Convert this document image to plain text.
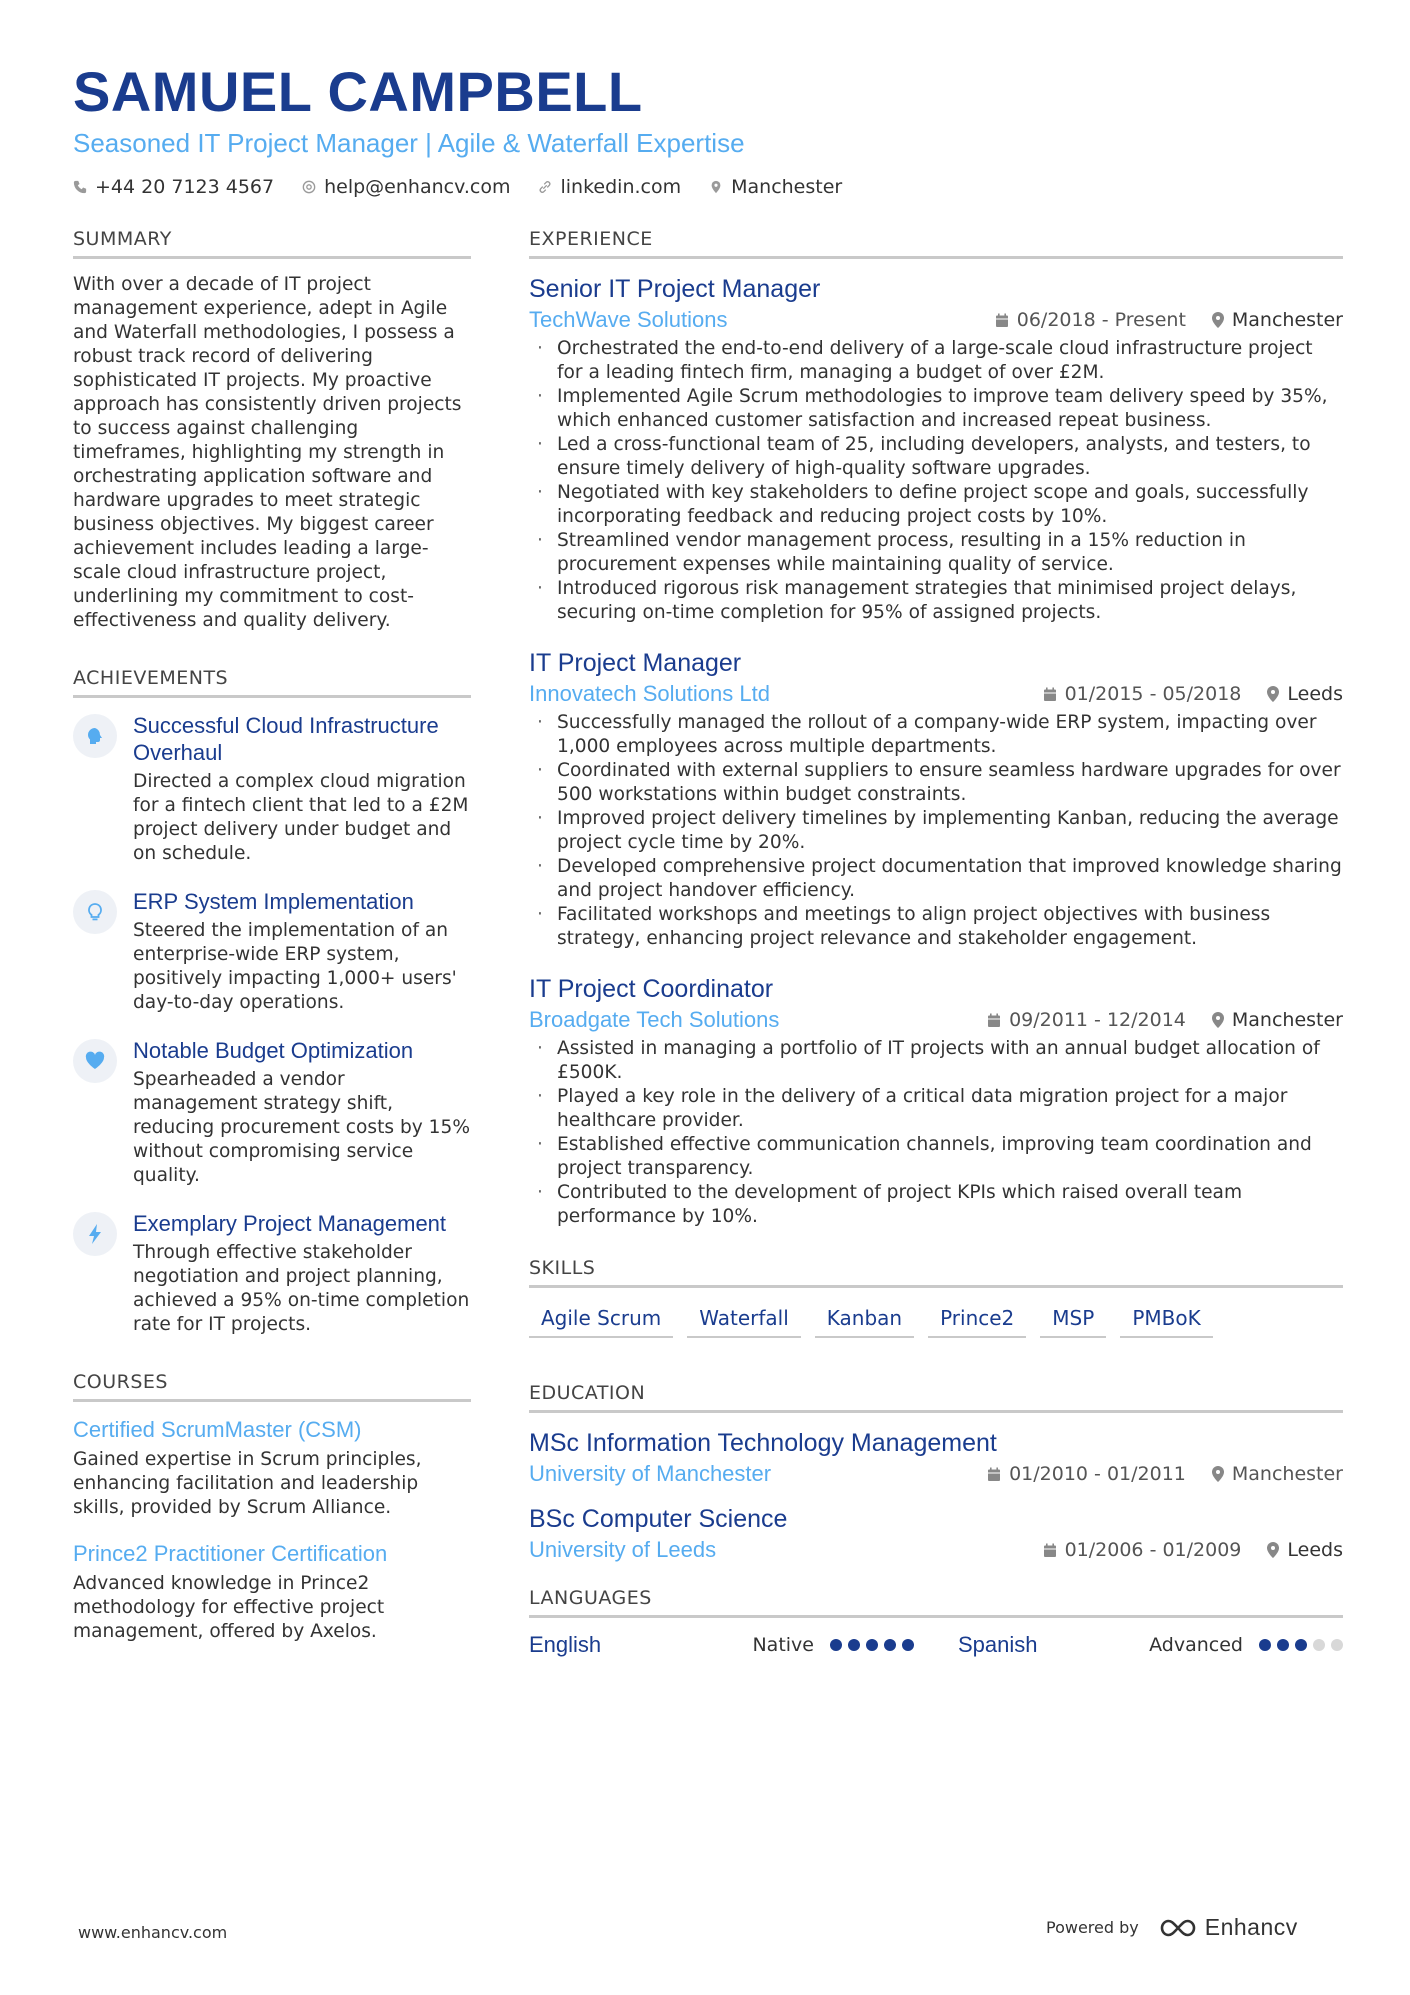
SAMUEL CAMPBELL
Seasoned IT Project Manager | Agile & Waterfall Expertise
+44 20 7123 4567	help@enhancv.com	linkedin.com	Manchester
SUMMARY
With over a decade of IT project management experience, adept in Agile and Waterfall methodologies, I possess a robust track record of delivering sophisticated IT projects. My proactive approach has consistently driven projects to success against challenging timeframes, highlighting my strength in orchestrating application software and hardware upgrades to meet strategic business objectives. My biggest career achievement includes leading a large-scale cloud infrastructure project, underlining my commitment to cost-effectiveness and quality delivery.
ACHIEVEMENTS
Successful Cloud Infrastructure Overhaul
Directed a complex cloud migration for a fintech client that led to a £2M project delivery under budget and on schedule.
ERP System Implementation
Steered the implementation of an enterprise-wide ERP system, positively impacting 1,000+ users' day-to-day operations.
Notable Budget Optimization
Spearheaded a vendor management strategy shift, reducing procurement costs by 15% without compromising service quality.
Exemplary Project Management
Through effective stakeholder negotiation and project planning, achieved a 95% on-time completion rate for IT projects.
COURSES
Certified ScrumMaster (CSM)
Gained expertise in Scrum principles, enhancing facilitation and leadership skills, provided by Scrum Alliance.
Prince2 Practitioner Certification
Advanced knowledge in Prince2 methodology for effective project management, offered by Axelos.
EXPERIENCE
Senior IT Project Manager
TechWave Solutions	06/2018 - Present Manchester
· Orchestrated the end-to-end delivery of a large-scale cloud infrastructure project for a leading fintech firm, managing a budget of over £2M.
· Implemented Agile Scrum methodologies to improve team delivery speed by 35%, which enhanced customer satisfaction and increased repeat business.
· Led a cross-functional team of 25, including developers, analysts, and testers, to ensure timely delivery of high-quality software upgrades.
· Negotiated with key stakeholders to define project scope and goals, successfully incorporating feedback and reducing project costs by 10%.
· Streamlined vendor management process, resulting in a 15% reduction in procurement expenses while maintaining quality of service.
· Introduced rigorous risk management strategies that minimised project delays, securing on-time completion for 95% of assigned projects.
IT Project Manager
Innovatech Solutions Ltd	01/2015 - 05/2018 Leeds
· Successfully managed the rollout of a company-wide ERP system, impacting over 1,000 employees across multiple departments.
· Coordinated with external suppliers to ensure seamless hardware upgrades for over 500 workstations within budget constraints.
· Improved project delivery timelines by implementing Kanban, reducing the average project cycle time by 20%.
· Developed comprehensive project documentation that improved knowledge sharing and project handover efficiency.
· Facilitated workshops and meetings to align project objectives with business strategy, enhancing project relevance and stakeholder engagement.
IT Project Coordinator
Broadgate Tech Solutions	09/2011 - 12/2014 Manchester
· Assisted in managing a portfolio of IT projects with an annual budget allocation of £500K.
· Played a key role in the delivery of a critical data migration project for a major healthcare provider.
· Established effective communication channels, improving team coordination and project transparency.
· Contributed to the development of project KPIs which raised overall team performance by 10%.
SKILLS
Agile Scrum	Waterfall	Kanban	Prince2	MSP	PMBoK
EDUCATION
MSc Information Technology Management
University of Manchester	01/2010 - 01/2011 Manchester
BSc Computer Science
University of Leeds	01/2006 - 01/2009 Leeds
LANGUAGES
English	Native	Spanish	Advanced
www.enhancv.com	Powered by	Enhancv
